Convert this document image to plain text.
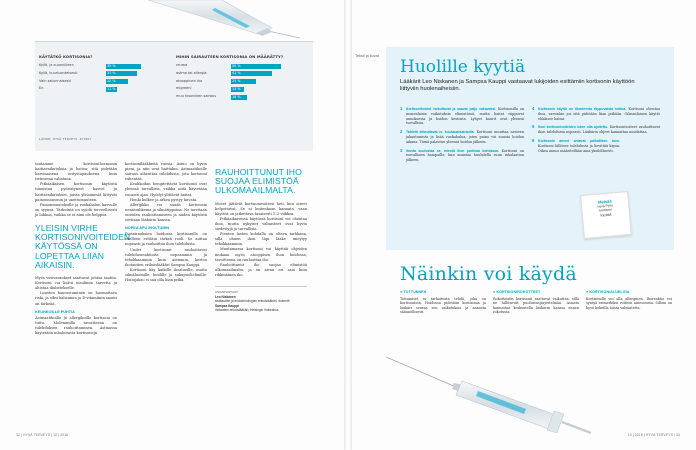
KÄYTÄTKÖ KORTISONIA?
Kyllä, ja suunnilleen	35 %
Kyllä, kuurluonteisesti	31 %
Vain satunnaisesti	22 %
En	11 %
MIHIN SAIRAUTEEN KORTISONIA ON MÄÄRÄTTY?
reuma	50 %
astma tai allergia	41 %
atooppinen iho	25 %
migreeni	13 %
muu krooninen sairaus	16 %
LÄHDE: HYVÄ TERVEYS -KYSELY

tautamme kortisonihormonin haittavaikutuksia ja hoitoa; sitä pidetään harvinaisena eritystapauksena kuin tietoisena valintana.

Pitkäaikaisen kortisonin käytöstä tunnistaa pyöristyneet kasvot ja haittavaikutukset, joista yleisimmät liittyvät painonnousuun ja unettomuuteen.

Painonmuutoksille ja ruokahalun kasvulle on syynsä. Tärkeintä on syödä terveellisesti ja liikkua, vaikka se ei aina ole helppoa.

YLEISIN VIRHE KORTISONIVOITEIDEN KÄYTÖSSÄ ON LOPETTAA LIIAN AIKAISIN.

Myös vesivaraukset saattavat johtaa tautiin. Kortisoni voi lisätä insuliinin tarvetta ja altistaa diabetekselle.

Luuston haurastuminen on huomattava riski, ja siksi kalsiumin ja D-vitamiinin saanti on tärkeää.

KEUHKOILLE PUHTIA

Astmaatikoille ja allergikoille kortisoni on tuttu. Molemmilla tavoitteena on tulehduksen rauhoittaminen. Astmassa käytetään inhaloitavia kortisoneja.

kortisonilääkkeitä vuosia. Asmo on hyvin pieni, ja niin ovat haittakin. Astmaatikoille sairaus aiheuttaa tulehdusta, jota kortisoni vähentää.

Keuhkoihin hengitettävät kortisonit ovat yleensä turvallisia, vaikka niitä käytetään vuosien ajan. Hyödyt ylittävät haitat.

Henki kulkee ja arkea pystyy kuvata.

Allergikko voi saada kortisonia nenäsuihkeina ja silmätippoina. Ne tarvitaan oireiden rauhoittamiseen ja niiden käytöstä sovitaan lääkärin kanssa.

NOPEA APU IHOLTUMIN

Ihosairauksien hoidossa kortisonilla on edelleen erittäin tärkeä rooli. Se auttaa nopeasti ja rauhoittaa ihon tulehdusta.

Uudet kortisonit rauhoittavat tulehdusreaktioita nopeammin ja tehokkaammin kuin aiemmin, kertoo ihotautien erikoislääkäri Sampsa Kauppi.

Kortisoni käy kaikille ihoalueille, mutta silmäluomille, huulille ja sukupuolielimille. Hoitojakso ei saa olla liian pitkä.

RAUHOITTUNUT IHO SUOJAA ELIMISTÖÄ ULKOMAAILMALTA.

Moset jättävät kortisonivoiteen heti, kun oireet helpottavat. Se ei kuitenkaan kannata, vaan käyttöä on jatkettava tasaisesti 1–2 viikkoa.

Pitkäaikaisessa käytössä kortisoni voi ohentaa ihoa, mutta nykyiset valmisteet ovat hyvin siedettyjä ja turvallisia.

Pienten lasten kohdalla on oltava tarkkana, sillä ohuen ihon läpi lääke imeytyy tehokkaammin.

Muutamassa kortisoni voi käyttää ohjeiden mukaan myös atooppisen ihon hoidossa; tavoitteena on rauhoittaa iho.

Rauhoittunut iho suojaa elimistöä ulkomaailmalta, ja on aivan eri asia kuin rikkinäinen iho.

ASIANTUNTIJAT
Leo Niskanen
sisätautien ja endokrinologian erikoislääkäri, dosentti
Sampsa Kauppi
ihotautien erikoislääkäri, Helsingin Ihokeskus
32 | HYVÄ TERVEYS | 10 | 2016
Teksti ja kuvat
Huolille kyytiä
Lääkärit Leo Niskanen ja Sampsa Kauppi vastaavat lukijoiden esittämiin kortisonin käyttöön liittyviin huolenaiheisiin.
1 Kortisonihoidot vaikuttavat ja saavat paljo vakavaksi. Kortisonilla on monenlaisia vaikutuksia elimistössä, mutta haitat riippuvat annoksesta ja hoidon kestosta. Lyhyet kuurit ovat yleensä turvallisia.
2 Tabletit aiheuttavat iv. kuukausisairautta. Kortisoni muuttaa nesteen jakautumista ja lisää ruokahalua, joten paino voi nousta hoidon aikana. Tämä palautuu yleensä hoidon jälkeen.
3 Ihosta kuulostaa se, miestä ihon purkkaa kohdassa. Kortisoni on turvallinen hampaille, kun muistaa huuhdella suun inhalaation jälkeen.
4 Kortisonin käyttö on tilanteesta riippuvaista hoitoa. Kortisoni ohentaa ihoa, varsinkin jos sitä pidetään liian pitkään. Oikeanlainen käyttö ehkäisee haitat.
5 Ihon kortisonivoiteiden tulee olla ajoitettu. Kortisonivoiteet rauhoittavat ihon tulehdusta nopeasti. Lääkärin ohjeet kannattaa noudattaa.
6 Kortisonin aineet antavat paikallisen tuen. Kortisoni hillitsee tulehdusta ja lievittää kipua. Oikea annos määritellään aina yksilöllisesti.
Metsää
hyvä Pysy
kortisoni
käyttää
Näinkin voi käydä
● TOTTUNNEN
Tottumiset ei tarkoitusta tehdä, joka on kortisonissa. Hoidossa pidetään kortisonia ja lääkäri seuraa sen vaikutuksia ja annosta säännöllisesti.
● KORTISONIROKOTTEET
Rokotteisiin kortisonit saattavat vaikuttaa, sillä ne hillitsevät puolustusjärjestelmää. Asiasta kannattaa keskustella lääkärin kanssa ennen rokotusta.
● KORTISONIALUELGIA
Kortisonille voi olla allerginen. Ihoreaktio voi syntyä esimerkiksi voiteen ainesosista. Silloin on hyvä kokeilla toista valmistetta.
10 | 2016 | HYVÄ TERVEYS | 33
